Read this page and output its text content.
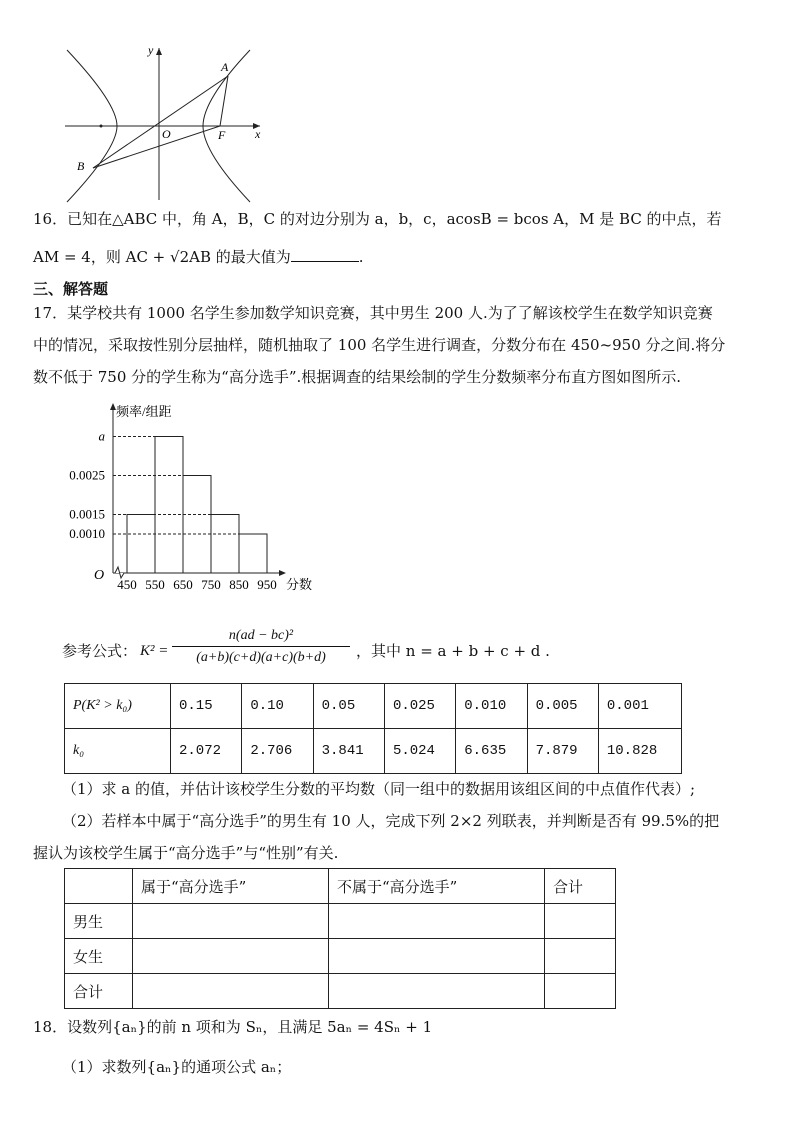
y
x
O
A
B
F
16．已知在△ABC 中，角 A，B，C 的对边分别为 a，b，c，acosB = bcos A，M 是 BC 的中点，若
AM = 4，则 AC + √2AB 的最大值为	.
三、解答题
17．某学校共有 1000 名学生参加数学知识竞赛，其中男生 200 人.为了了解该校学生在数学知识竞赛
中的情况，采取按性别分层抽样，随机抽取了 100 名学生进行调查，分数分布在 450~950 分之间.将分
数不低于 750 分的学生称为“高分选手”.根据调查的结果绘制的学生分数频率分布直方图如图所示.
a
0.0025
0.0015
0.0010
450 550 650 750 850 950
O
频率/组距
分数
参考公式： $K^2 = \frac{\text{n(ad − bc)²}}{(a+b)(c+d)(a+c)(b+d)}$ ，其中 n = a + b + c + d .
P(K² > k₀)	0.15	0.10	0.05	0.025	0.010	0.005	0.001
k₀	2.072	2.706	3.841	5.024	6.635	7.879	10.828
（1）求 a 的值，并估计该校学生分数的平均数（同一组中的数据用该组区间的中点值作代表）;
（2）若样本中属于“高分选手”的男生有 10 人，完成下列 2×2 列联表，并判断是否有 99.5%的把
握认为该校学生属于“高分选手”与“性别”有关.
	属于“高分选手”	不属于“高分选手”	合计
男生			
女生			
合计			
18．设数列{aₙ}的前 n 项和为 Sₙ，且满足 5aₙ = 4Sₙ + 1
（1）求数列{aₙ}的通项公式 aₙ；
